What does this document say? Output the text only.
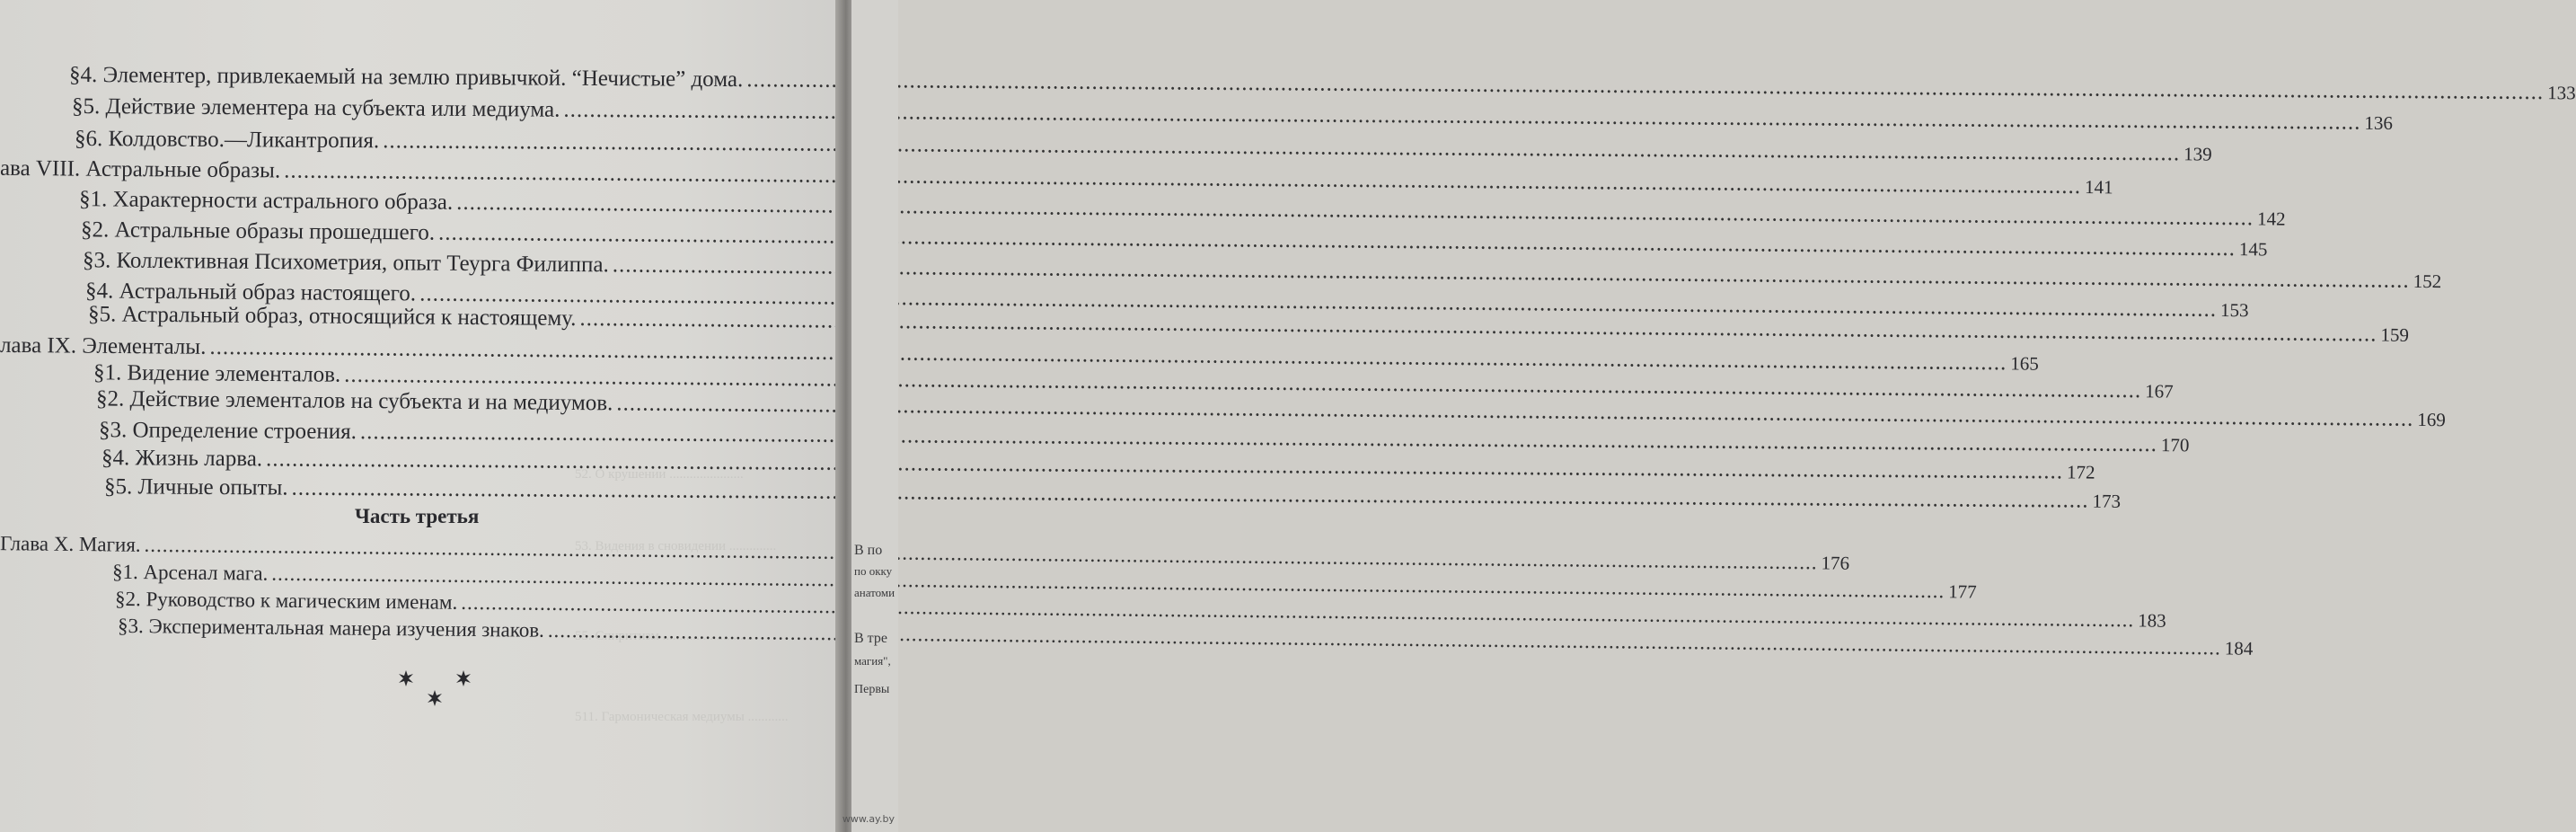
52. О крушении ......................
53. Видения в сновидении ..............
55. Спиритизм ...........................
511. Гармоническая медиумы ............
§4. Элементер, привлекаемый на землю привычкой. “Нечистые” дома.
.....
133
§5. Действие элементера на субъекта или медиума.
.....
136
§6. Колдовство.—Ликантропия.
.....
139
ава VIII. Астральные образы.
.....
141
§1. Характерности астрального образа.
.....
142
§2. Астральные образы прошедшего.
.....
145
§3. Коллективная Психометрия, опыт Теурга Филиппа.
.....
152
§4. Астральный образ настоящего.
.....
153
§5. Астральный образ, относящийся к настоящему.
.....
159
лава IX. Элементалы.
.....
165
§1. Видение элементалов.
.....
167
§2. Действие элементалов на субъекта и на медиумов.
.....
169
§3. Определение строения.
.....
170
§4. Жизнь ларва.
.....
172
§5. Личные опыты.
.....
173
Часть третья
Глава X. Магия.
.....
176
§1. Арсенал мага.
.....
177
§2. Руководство к магическим именам.
.....
183
§3. Экспериментальная манера изучения знаков.
.....
184
В по
по окку
анатоми
В тре
магия",
Первы
www.ay.by
